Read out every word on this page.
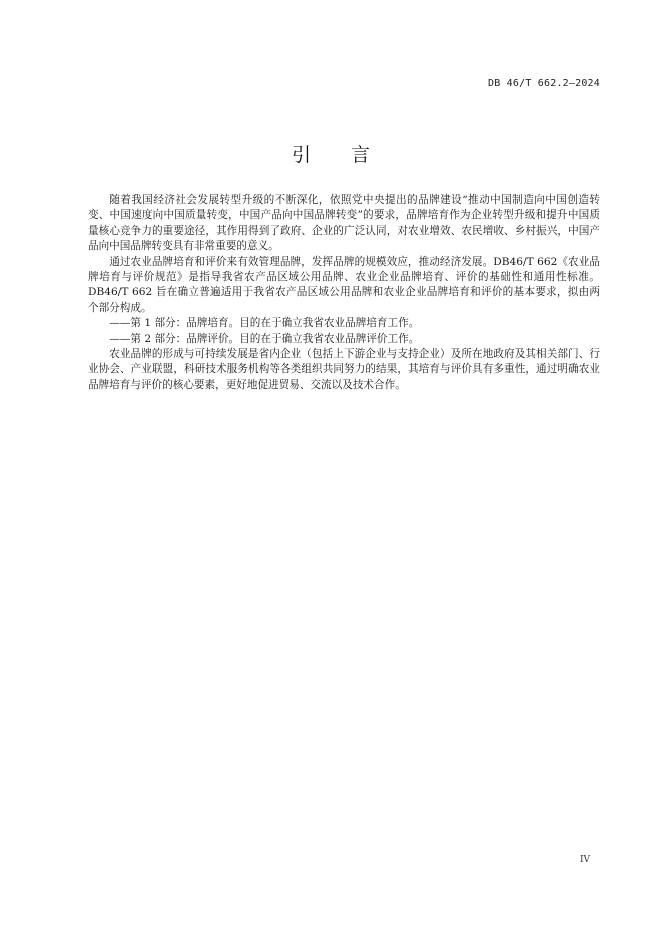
DB 46/T 662.2—2024
引言

随着我国经济社会发展转型升级的不断深化，依照党中央提出的品牌建设“推动中国制造向中国创造转变、中国速度向中国质量转变，中国产品向中国品牌转变”的要求，品牌培育作为企业转型升级和提升中国质量核心竞争力的重要途径，其作用得到了政府、企业的广泛认同，对农业增效、农民增收、乡村振兴，中国产品向中国品牌转变具有非常重要的意义。

通过农业品牌培育和评价来有效管理品牌，发挥品牌的规模效应，推动经济发展。DB46/T 662《农业品牌培育与评价规范》是指导我省农产品区域公用品牌、农业企业品牌培育、评价的基础性和通用性标准。DB46/T 662 旨在确立普遍适用于我省农产品区域公用品牌和农业企业品牌培育和评价的基本要求，拟由两个部分构成。

——第 1 部分：品牌培育。目的在于确立我省农业品牌培育工作。

——第 2 部分：品牌评价。目的在于确立我省农业品牌评价工作。

农业品牌的形成与可持续发展是省内企业（包括上下游企业与支持企业）及所在地政府及其相关部门、行业协会、产业联盟，科研技术服务机构等各类组织共同努力的结果，其培育与评价具有多重性，通过明确农业品牌培育与评价的核心要素，更好地促进贸易、交流以及技术合作。

IV
